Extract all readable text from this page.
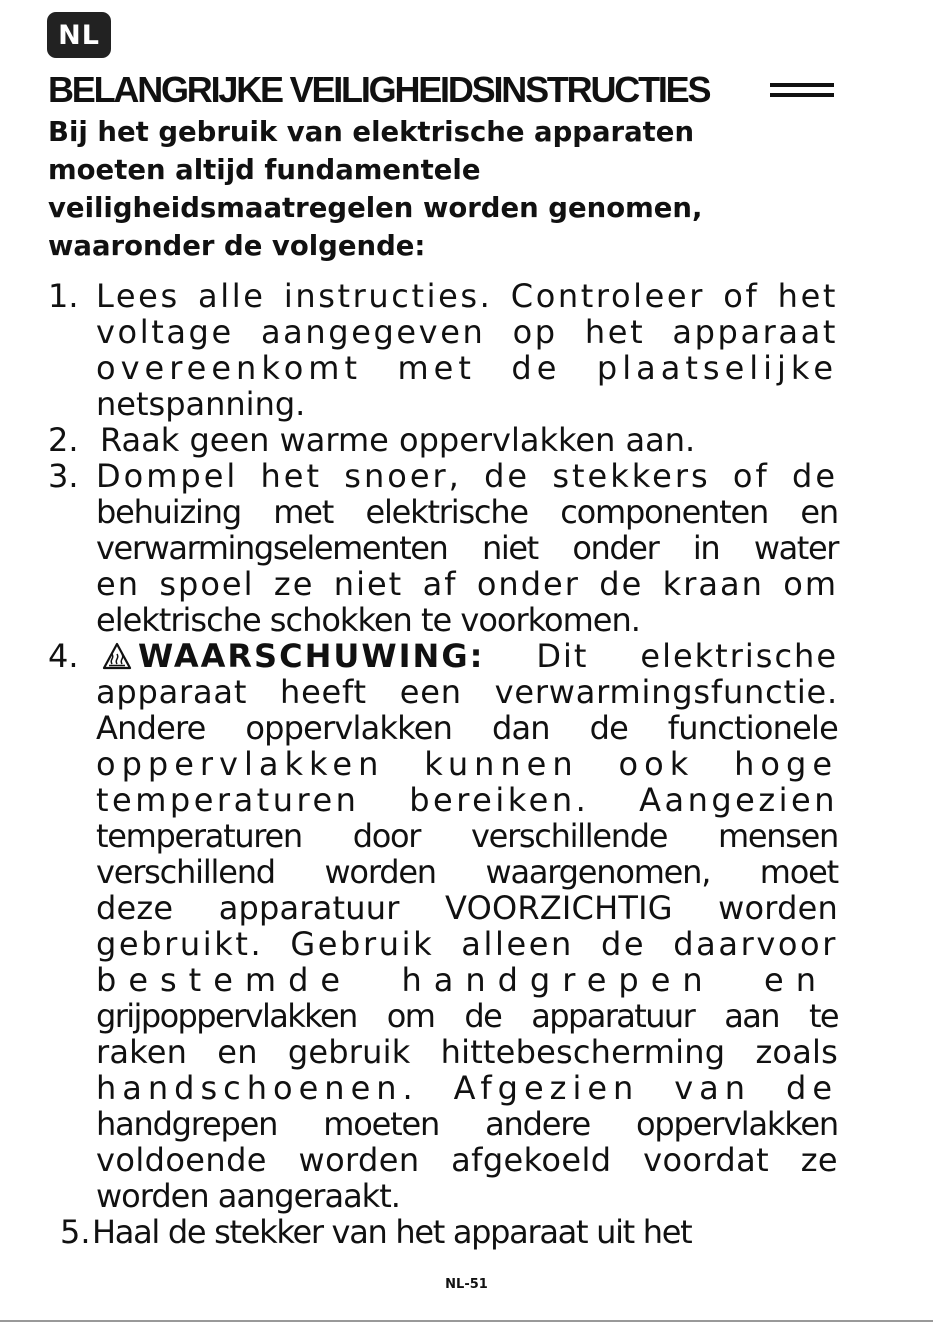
NL
BELANGRIJKE VEILIGHEIDSINSTRUCTIES
Bij het gebruik van elektrische apparaten
moeten altijd fundamentele
veiligheidsmaatregelen worden genomen,
waaronder de volgende:
1. Lees alle instructies. Controleer of het
voltage aangegeven op het apparaat
overeenkomt met de plaatselijke
netspanning.
2. Raak geen warme oppervlakken aan.
3. Dompel het snoer, de stekkers of de
behuizing met elektrische componenten en
verwarmingselementen niet onder in water
en spoel ze niet af onder de kraan om
elektrische schokken te voorkomen.
4.	WAARSCHUWING: Dit elektrische
apparaat heeft een verwarmingsfunctie.
Andere oppervlakken dan de functionele
oppervlakken kunnen ook hoge
temperaturen bereiken. Aangezien
temperaturen door verschillende mensen
verschillend worden waargenomen, moet
deze apparatuur VOORZICHTIG worden
gebruikt. Gebruik alleen de daarvoor
bestemde handgrepen en
grijpoppervlakken om de apparatuur aan te
raken en gebruik hittebescherming zoals
handschoenen. Afgezien van de
handgrepen moeten andere oppervlakken
voldoende worden afgekoeld voordat ze
worden aangeraakt.
5. Haal de stekker van het apparaat uit het
NL-51
